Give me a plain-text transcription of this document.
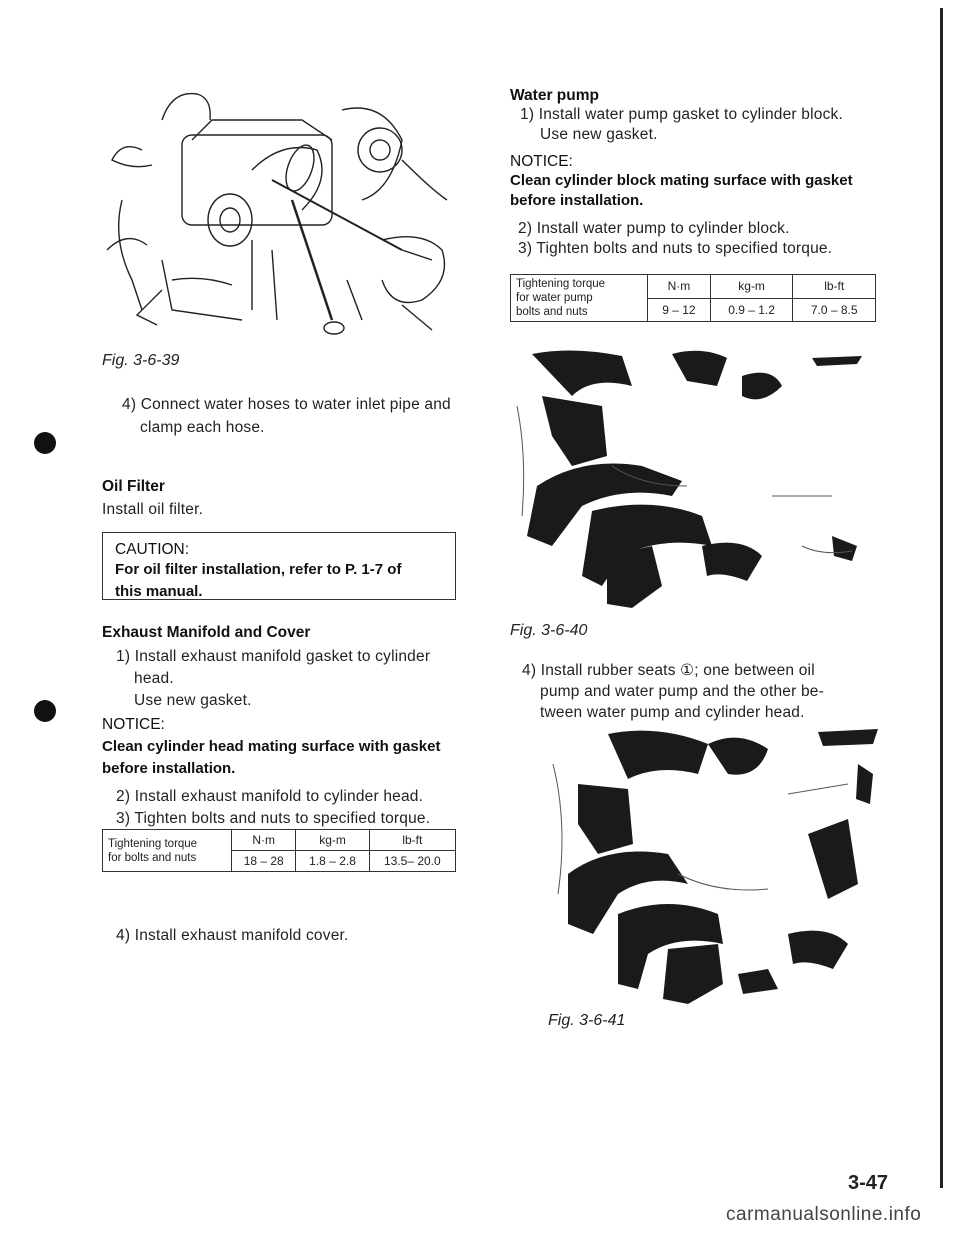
Fig. 3-6-39
4) Connect water hoses to water inlet pipe and
clamp each hose.
Oil Filter
Install oil filter.
CAUTION:
For oil filter installation, refer to P. 1-7 of
this manual.
Exhaust Manifold and Cover
1) Install exhaust manifold gasket to cylinder
head.
Use new gasket.
NOTICE:
Clean cylinder head mating surface with gasket
before installation.
2) Install exhaust manifold to cylinder head.
3) Tighten bolts and nuts to specified torque.
Tightening torque
for bolts and nuts	N·m	kg-m	lb-ft
	18 – 28	1.8 – 2.8	13.5– 20.0
4) Install exhaust manifold cover.
Water pump
1) Install water pump gasket to cylinder block.
Use new gasket.
NOTICE:
Clean cylinder block mating surface with gasket
before installation.
2) Install water pump to cylinder block.
3) Tighten bolts and nuts to specified torque.
Tightening torque
for water pump
bolts and nuts	N·m	kg-m	lb-ft
	9 – 12	0.9 – 1.2	7.0 – 8.5
Fig. 3-6-40
4) Install rubber seats ①; one between oil
pump and water pump and the other be-
tween water pump and cylinder head.
Fig. 3-6-41
3-47
carmanualsonline.info
